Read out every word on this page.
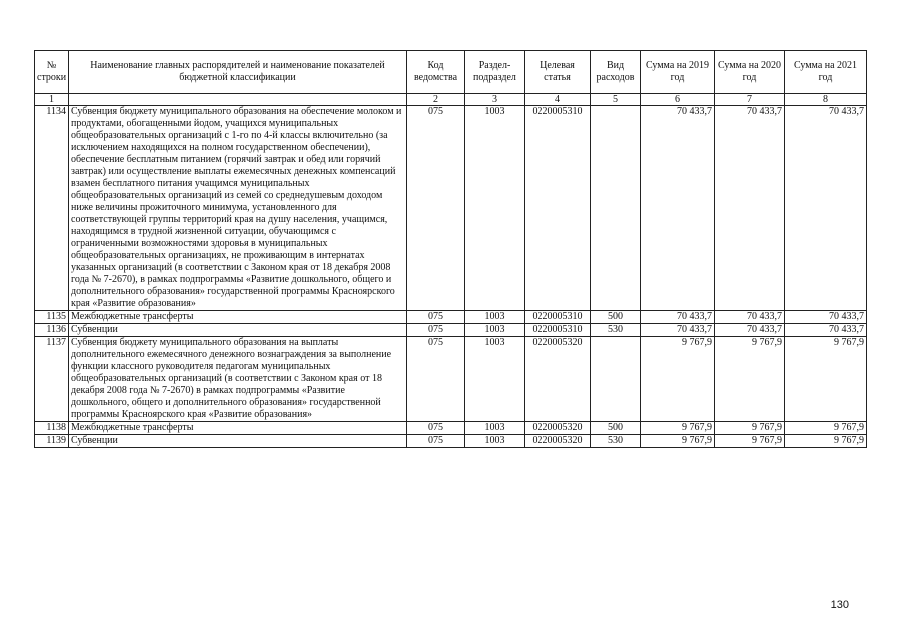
№ строки	Наименование главных распорядителей и наименование показателей бюджетной классификации	Код ведомства	Раздел-подраздел	Целевая статья	Вид расходов	Сумма на 2019 год	Сумма на 2020 год	Сумма на 2021 год
1		2	3	4	5	6	7	8
1134	Субвенция бюджету муниципального образования на обеспечение молоком и продуктами, обогащенными йодом, учащихся муниципальных общеобразовательных организаций с 1-го по 4-й классы включительно (за исключением находящихся на полном государственном обеспечении), обеспечение бесплатным питанием (горячий завтрак и обед или горячий завтрак) или осуществление выплаты ежемесячных денежных компенсаций взамен бесплатного питания учащимся муниципальных общеобразовательных организаций из семей со среднедушевым доходом ниже величины прожиточного минимума, установленного для соответствующей группы территорий края на душу населения, учащимся, находящимся в трудной жизненной ситуации, обучающимся с ограниченными возможностями здоровья в муниципальных общеобразовательных организациях, не проживающим в интернатах указанных организаций (в соответствии с Законом края от 18 декабря 2008 года № 7-2670), в рамках подпрограммы «Развитие дошкольного, общего и дополнительного образования» государственной программы Красноярского края «Развитие образования»	075	1003	0220005310		70 433,7	70 433,7	70 433,7
1135	Межбюджетные трансферты	075	1003	0220005310	500	70 433,7	70 433,7	70 433,7
1136	Субвенции	075	1003	0220005310	530	70 433,7	70 433,7	70 433,7
1137	Субвенция бюджету муниципального образования на выплаты дополнительного ежемесячного денежного вознаграждения за выполнение функции классного руководителя педагогам муниципальных общеобразовательных организаций (в соответствии с Законом края от 18 декабря 2008 года № 7-2670) в рамках подпрограммы «Развитие дошкольного, общего и дополнительного образования» государственной программы Красноярского края «Развитие образования»	075	1003	0220005320		9 767,9	9 767,9	9 767,9
1138	Межбюджетные трансферты	075	1003	0220005320	500	9 767,9	9 767,9	9 767,9
1139	Субвенции	075	1003	0220005320	530	9 767,9	9 767,9	9 767,9
130
